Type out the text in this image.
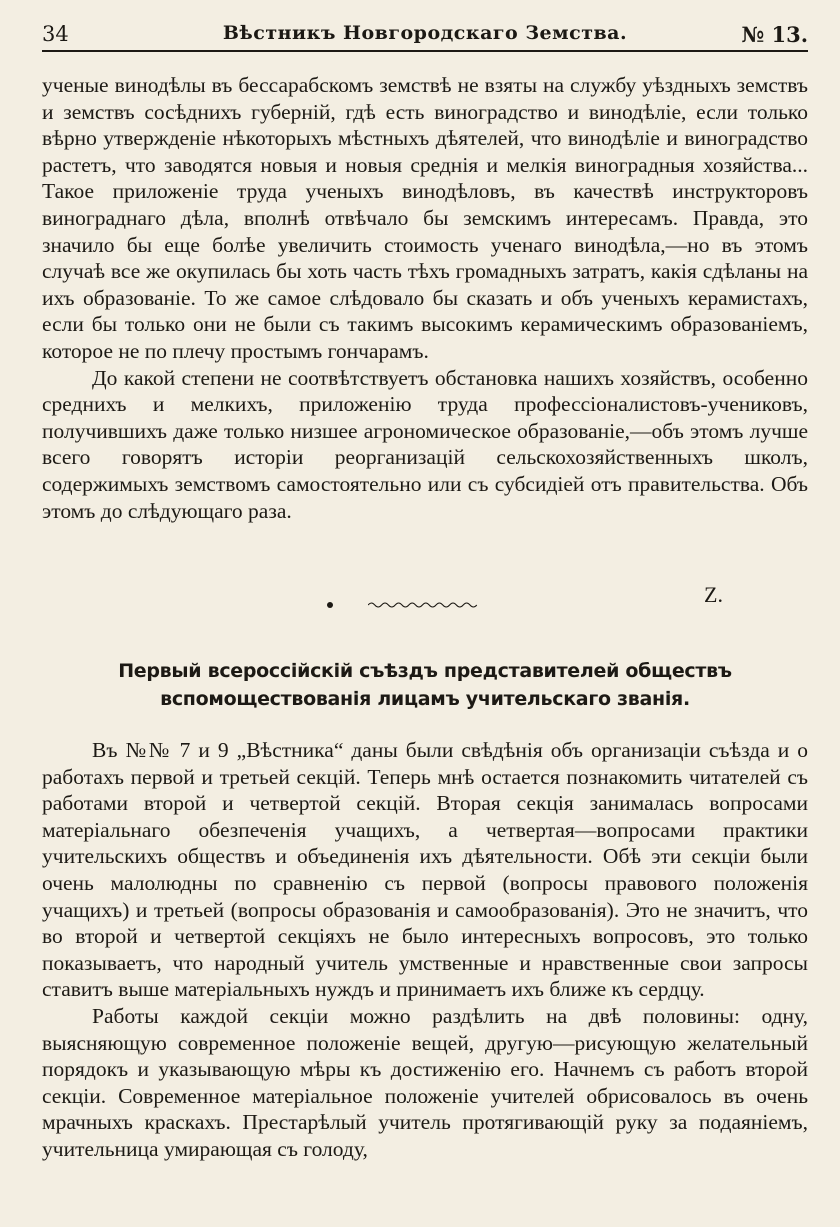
34	Вѣстникъ Новгородскаго Земства.	№ 13.

ученые винодѣлы въ бессарабскомъ земствѣ не взяты на службу уѣздныхъ земствъ и земствъ сосѣднихъ губерній, гдѣ есть виноградство и винодѣліе, если только вѣрно утвержденіе нѣкоторыхъ мѣстныхъ дѣятелей, что винодѣліе и виноградство растетъ, что заводятся новыя и новыя среднія и мелкія виноградныя хозяйства... Такое приложеніе труда ученыхъ винодѣловъ, въ качествѣ инструкторовъ винограднаго дѣла, вполнѣ отвѣчало бы земскимъ интересамъ. Правда, это значило бы еще болѣе увеличить стоимость ученаго винодѣла,—но въ этомъ случаѣ все же окупилась бы хоть часть тѣхъ громадныхъ затратъ, какія сдѣланы на ихъ образованіе. То же самое слѣдовало бы сказать и объ ученыхъ керамистахъ, если бы только они не были съ такимъ высокимъ керамическимъ образованіемъ, которое не по плечу простымъ гончарамъ.

До какой степени не соотвѣтствуетъ обстановка нашихъ хозяйствъ, особенно среднихъ и мелкихъ, приложенію труда профессіоналистовъ-учениковъ, получившихъ даже только низшее агрономическое образованіе,—объ этомъ лучше всего говорятъ исторіи реорганизацій сельскохозяйственныхъ школъ, содержимыхъ земствомъ самостоятельно или съ субсидіей отъ правительства. Объ этомъ до слѣдующаго раза.

Z.
Первый всероссійскій съѣздъ представителей обществъ вспомоществованія лицамъ учительскаго званія.

Въ №№ 7 и 9 „Вѣстника“ даны были свѣдѣнія объ организаціи съѣзда и о работахъ первой и третьей секцій. Теперь мнѣ остается познакомить читателей съ работами второй и четвертой секцій. Вторая секція занималась вопросами матеріальнаго обезпеченія учащихъ, а четвертая—вопросами практики учительскихъ обществъ и объединенія ихъ дѣятельности. Обѣ эти секціи были очень малолюдны по сравненію съ первой (вопросы правового положенія учащихъ) и третьей (вопросы образованія и самообразованія). Это не значитъ, что во второй и четвертой секціяхъ не было интересныхъ вопросовъ, это только показываетъ, что народный учитель умственные и нравственные свои запросы ставитъ выше матеріальныхъ нуждъ и принимаетъ ихъ ближе къ сердцу.

Работы каждой секціи можно раздѣлить на двѣ половины: одну, выясняющую современное положеніе вещей, другую—рисующую желательный порядокъ и указывающую мѣры къ достиженію его. Начнемъ съ работъ второй секціи. Современное матеріальное положеніе учителей обрисовалось въ очень мрачныхъ краскахъ. Престарѣлый учитель протягивающій руку за подаяніемъ, учительница умирающая съ голоду,
